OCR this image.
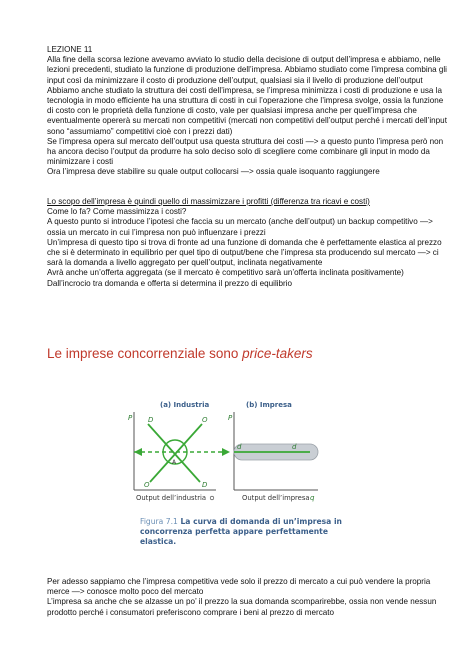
LEZIONE 11

Alla fine della scorsa lezione avevamo avviato lo studio della decisione di output dell’impresa e abbiamo, nelle lezioni precedenti, studiato la funzione di produzione dell’impresa. Abbiamo studiato come l’impresa combina gli input così da minimizzare il costo di produzione dell’output, qualsiasi sia il livello di produzione dell’output

Abbiamo anche studiato la struttura dei costi dell’impresa, se l’impresa minimizza i costi di produzione e usa la tecnologia in modo efficiente ha una struttura di costi in cui l’operazione che l’impresa svolge, ossia la funzione di costo con le proprietà della funzione di costo, vale per qualsiasi impresa anche per quell’impresa che eventualmente opererà su mercati non competitivi (mercati non competitivi dell’output perché i mercati dell’input sono “assumiamo” competitivi cioè con i prezzi dati)

Se l’impresa opera sul mercato dell’output usa questa struttura dei costi —> a questo punto l’impresa però non ha ancora deciso l’output da produrre ha solo deciso solo di scegliere come combinare gli input in modo da minimizzare i costi

Ora l’impresa deve stabilire su quale output collocarsi —> ossia quale isoquanto raggiungere

Lo scopo dell’impresa è quindi quello di massimizzare i profitti (differenza tra ricavi e costi)

Come lo fa? Come massimizza i costi?

A questo punto si introduce l’ipotesi che faccia su un mercato (anche dell’output) un backup competitivo —> ossia un mercato in cui l’impresa non può influenzare i prezzi

Un’impresa di questo tipo si trova di fronte ad una funzione di domanda che è perfettamente elastica al prezzo che si è determinato in equilibrio per quel tipo di output/bene che l’impresa sta producendo sul mercato —> ci sarà la domanda a livello aggregato per quell’output, inclinata negativamente

Avrà anche un’offerta aggregata (se il mercato è competitivo sarà un’offerta inclinata positivamente)

Dall’incrocio tra domanda e offerta si determina il prezzo di equilibrio

Le imprese concorrenziale sono price-takers
(a) Industria	(b) Impresa
P	P
q
D	O
O	D
A
d	d
Output dell’industria	Output dell’impresa
Figura 7.1 La curva di domanda di un’impresa in concorrenza perfetta appare perfettamente elastica.

Per adesso sappiamo che l’impresa competitiva vede solo il prezzo di mercato a cui può vendere la propria merce —> conosce molto poco del mercato

L’impresa sa anche che se alzasse un po’ il prezzo la sua domanda scomparirebbe, ossia non vende nessun prodotto perché i consumatori preferiscono comprare i beni al prezzo di mercato
